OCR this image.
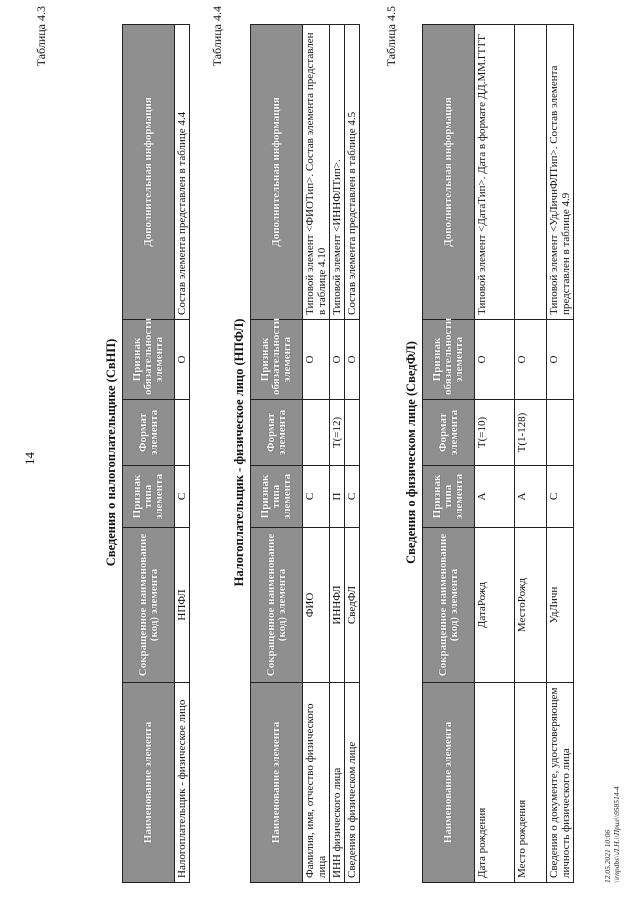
14
Таблица 4.3
Сведения о налогоплательщике (СвНП)
Наименование элемента	Сокращенное наименование (код) элемента	Признак типа элемента	Формат элемента	Признак обязательности элемента	Дополнительная информация
Налогоплательщик - физическое лицо	НПФЛ	С		О	Состав элемента представлен в таблице 4.4
Таблица 4.4
Налогоплательщик - физическое лицо (НПФЛ)
Наименование элемента	Сокращенное наименование (код) элемента	Признак типа элемента	Формат элемента	Признак обязательности элемента	Дополнительная информация
Фамилия, имя, отчество физического лица	ФИО	С		О	Типовой элемент <ФИОТип>. Состав элемента представлен в таблице 4.10
ИНН физического лица	ИННФЛ	П	T(=12)	О	Типовой элемент <ИННФЛТип>.
Сведения о физическом лице	СведФЛ	С		О	Состав элемента представлен в таблице 4.5
Таблица 4.5
Сведения о физическом лице (СведФЛ)
Наименование элемента	Сокращенное наименование (код) элемента	Признак типа элемента	Формат элемента	Признак обязательности элемента	Дополнительная информация
Дата рождения	ДатаРожд	А	T(=10)	О	Типовой элемент <ДатаТип>. Дата в формате ДД.ММ.ГГГГ
Место рождения	МестоРожд	А	T(1-128)	О	
Сведения о документе, удостоверяющем личность физического лица	УдЛичн	С		О	Типовой элемент <УдЛичнФЛТип>. Состав элемента представлен в таблице 4.9
12.05.2021 10:06 \\rnpdbs\\Л.Н.\\Прил\\958514-4
